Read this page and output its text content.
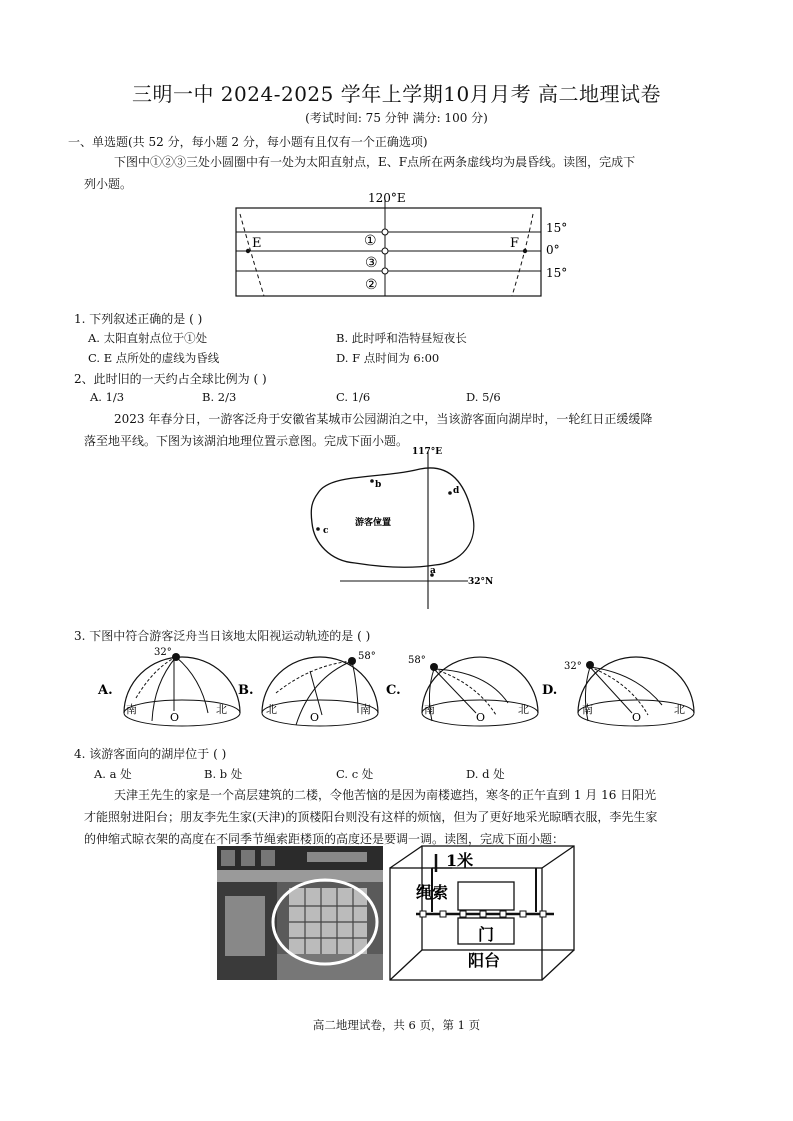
三明一中 2024-2025 学年上学期10月月考 高二地理试卷
(考试时间: 75 分钟 满分: 100 分)
一、单选题(共 52 分，每小题 2 分，每小题有且仅有一个正确选项)
下图中①②③三处小圆圈中有一处为太阳直射点，E、F点所在两条虚线均为晨昏线。读图，完成下
列小题。
120°E
15°
0°
15°
E	F
①
③
②
1. 下列叙述正确的是 ( )
A. 太阳直射点位于①处	B. 此时呼和浩特昼短夜长
C. E 点所处的虚线为昏线	D. F 点时间为 6:00
2、此时旧的一天约占全球比例为 ( )
A. 1/3	B. 2/3	C. 1/6	D. 5/6
2023 年春分日，一游客泛舟于安徽省某城市公园湖泊之中，当该游客面向湖岸时，一轮红日正缓缓降
落至地平线。下图为该湖泊地理位置示意图。完成下面小题。
117°E
32°N
游客位置
a
b
c
d
3. 下图中符合游客泛舟当日该地太阳视运动轨迹的是 ( )
A.
32°
南	北
O
B.
58°
北	南
O
C.
58°
南	北
O
D.
32°
南	北
O
4. 该游客面向的湖岸位于 ( )
A. a 处	B. b 处	C. c 处	D. d 处
天津王先生的家是一个高层建筑的二楼，令他苦恼的是因为南楼遮挡，寒冬的正午直到 1 月 16 日阳光
才能照射进阳台；朋友李先生家(天津)的顶楼阳台则没有这样的烦恼，但为了更好地采光晾晒衣服，李先生家
的伸缩式晾衣架的高度在不同季节绳索距楼顶的高度还是要调一调。读图，完成下面小题：
1米
绳索
门
阳台
高二地理试卷，共 6 页，第 1 页
